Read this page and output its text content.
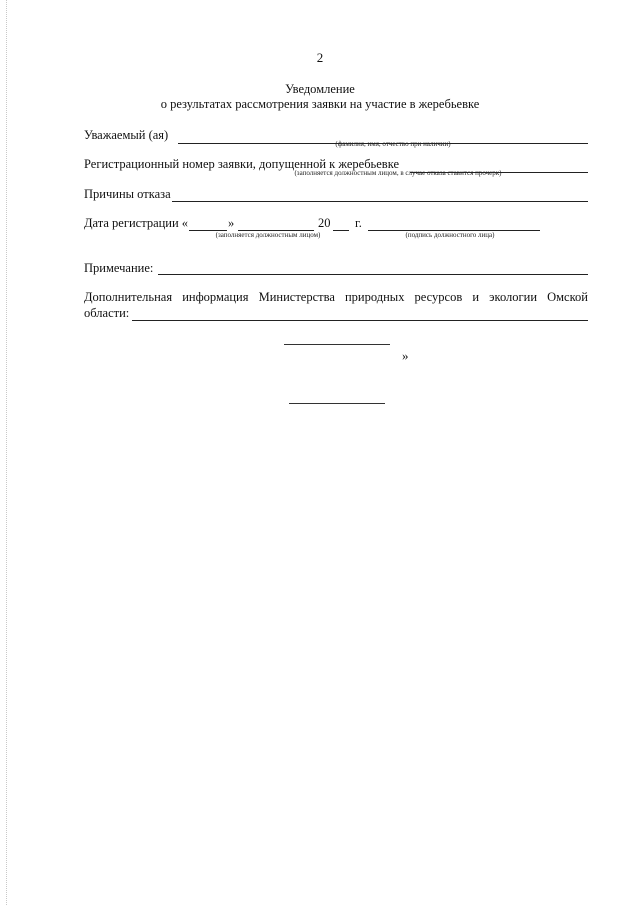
2
Уведомление
о результатах рассмотрения заявки на участие в жеребьевке
Уважаемый (ая)
(фамилия, имя, отчество при наличии)
Регистрационный номер заявки, допущенной к жеребьевке
(заполняется должностным лицом, в случае отказа ставится прочерк)
Причины отказа
Дата регистрации «	»	20 г.
(заполняется должностным лицом)	(подпись должностного лица)
Примечание:
Дополнительная информация Министерства природных ресурсов и экологии Омской
области:
»
